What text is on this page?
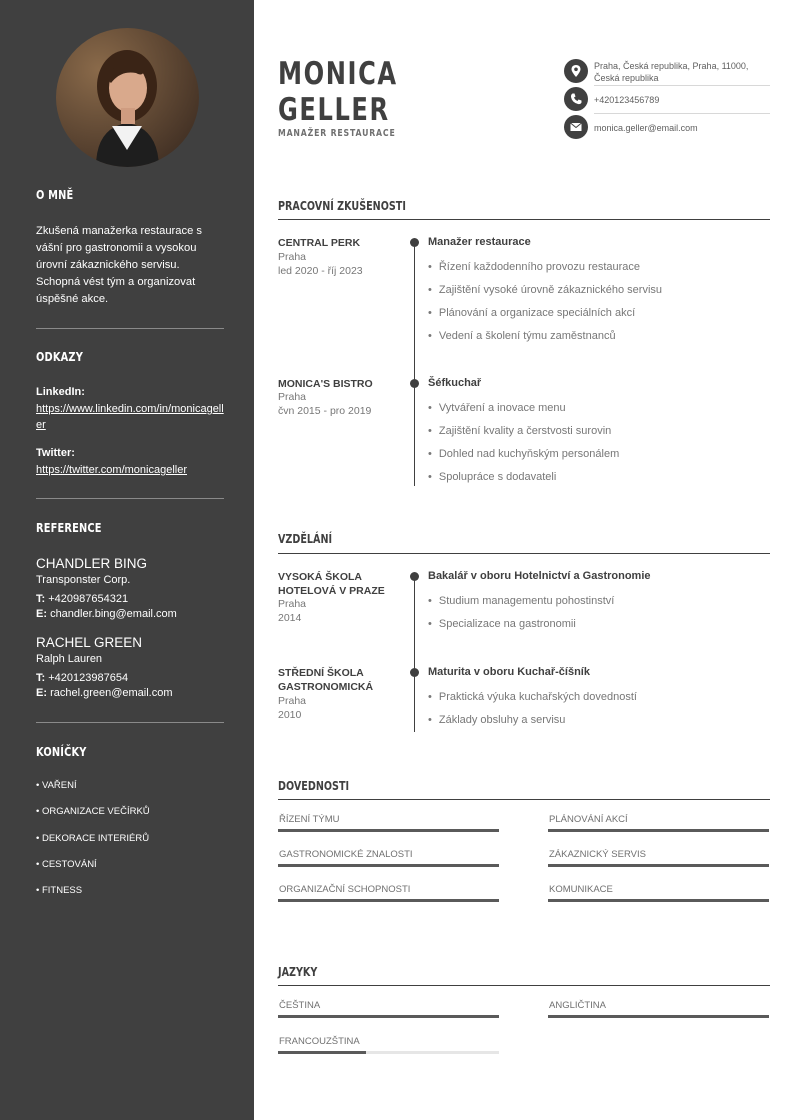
O MNĚ
Zkušená manažerka restaurace s vášní pro gastronomii a vysokou úrovní zákaznického servisu. Schopná vést tým a organizovat úspěšné akce.
ODKAZY
LinkedIn:
https://www.linkedin.com/in/monicageller
Twitter:
https://twitter.com/monicageller
REFERENCE
CHANDLER BING
Transponster Corp.
T: +420987654321
E: chandler.bing@email.com
RACHEL GREEN
Ralph Lauren
T: +420123987654
E: rachel.green@email.com
KONÍČKY
• VAŘENÍ
• ORGANIZACE VEČÍRKŮ
• DEKORACE INTERIÉRŮ
• CESTOVÁNÍ
• FITNESS
MONICA
GELLER
MANAŽER RESTAURACE
Praha, Česká republika, Praha, 11000, Česká republika
+420123456789
monica.geller@email.com
PRACOVNÍ ZKUŠENOSTI
CENTRAL PERK
Praha
led 2020 - říj 2023
Manažer restaurace
• Řízení každodenního provozu restaurace
• Zajištění vysoké úrovně zákaznického servisu
• Plánování a organizace speciálních akcí
• Vedení a školení týmu zaměstnanců
MONICA'S BISTRO
Praha
čvn 2015 - pro 2019
Šéfkuchař
• Vytváření a inovace menu
• Zajištění kvality a čerstvosti surovin
• Dohled nad kuchyňským personálem
• Spolupráce s dodavateli
VZDĚLÁNÍ
VYSOKÁ ŠKOLA HOTELOVÁ V PRAZE
Praha
2014
Bakalář v oboru Hotelnictví a Gastronomie
• Studium managementu pohostinství
• Specializace na gastronomii
STŘEDNÍ ŠKOLA GASTRONOMICKÁ
Praha
2010
Maturita v oboru Kuchař-číšník
• Praktická výuka kuchařských dovedností
• Základy obsluhy a servisu
DOVEDNOSTI
ŘÍZENÍ TÝMU	PLÁNOVÁNÍ AKCÍ
GASTRONOMICKÉ ZNALOSTI	ZÁKAZNICKÝ SERVIS
ORGANIZAČNÍ SCHOPNOSTI	KOMUNIKACE
JAZYKY
ČEŠTINA	ANGLIČTINA
FRANCOUZŠTINA
